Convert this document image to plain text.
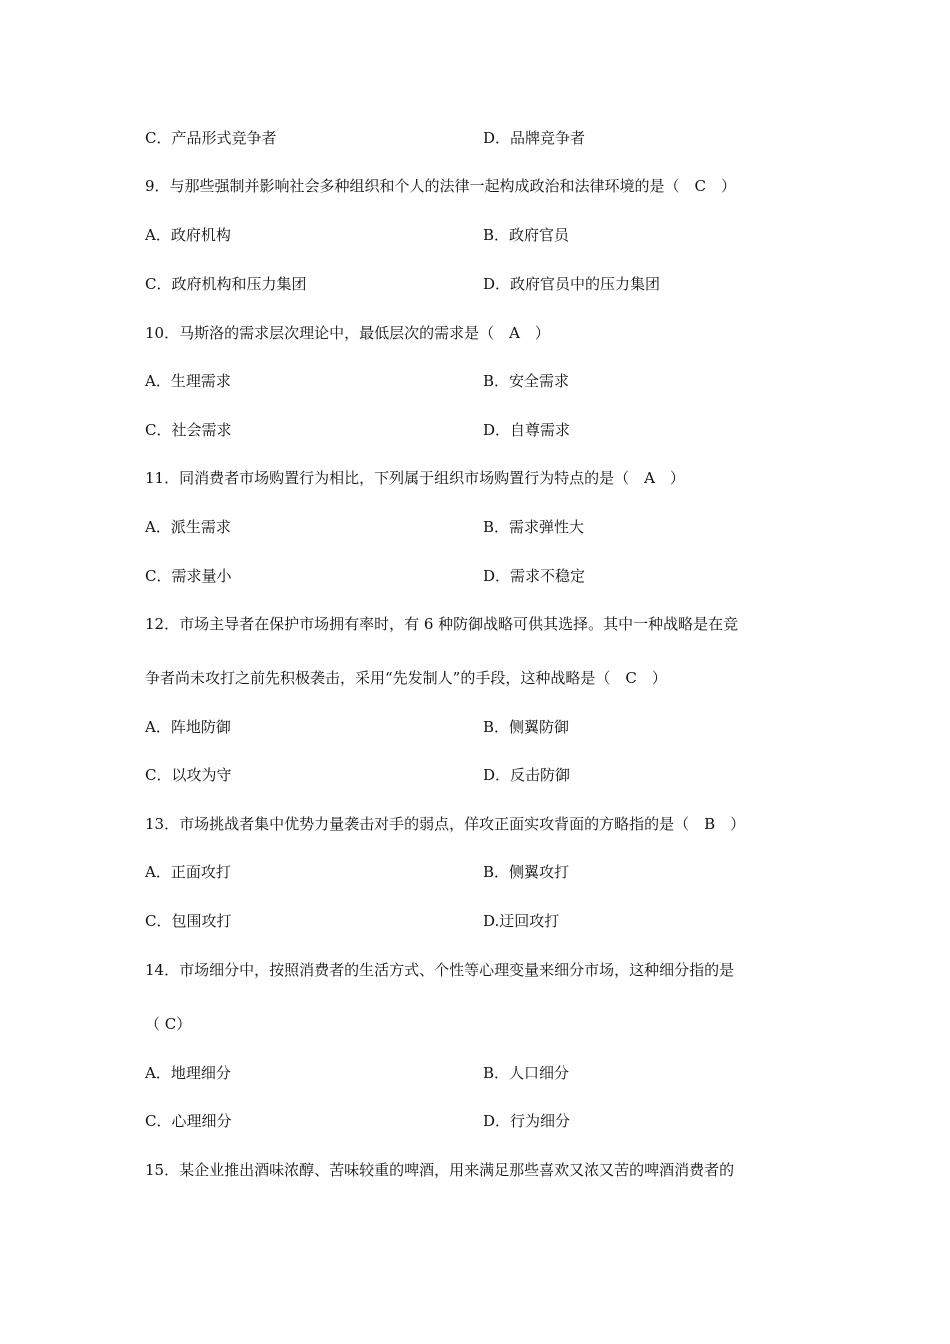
C．产品形式竞争者	D．品牌竞争者
9．与那些强制并影响社会多种组织和个人的法律一起构成政治和法律环境的是（　C　）
A．政府机构	B．政府官员
C．政府机构和压力集团	D．政府官员中的压力集团
10．马斯洛的需求层次理论中，最低层次的需求是（　A　）
A．生理需求	B．安全需求
C．社会需求	D．自尊需求
11．同消费者市场购置行为相比，下列属于组织市场购置行为特点的是（　A　）
A．派生需求	B．需求弹性大
C．需求量小	D．需求不稳定
12．市场主导者在保护市场拥有率时，有 6 种防御战略可供其选择。其中一种战略是在竞
争者尚未攻打之前先积极袭击，采用“先发制人”的手段，这种战略是（　C　）
A．阵地防御	B．侧翼防御
C．以攻为守	D．反击防御
13．市场挑战者集中优势力量袭击对手的弱点，佯攻正面实攻背面的方略指的是（　B　）
A．正面攻打	B．侧翼攻打
C．包围攻打	D.迂回攻打
14．市场细分中，按照消费者的生活方式、个性等心理变量来细分市场，这种细分指的是
（ C）
A．地理细分	B．人口细分
C．心理细分	D．行为细分
15．某企业推出酒味浓醇、苦味较重的啤酒，用来满足那些喜欢又浓又苦的啤酒消费者的
